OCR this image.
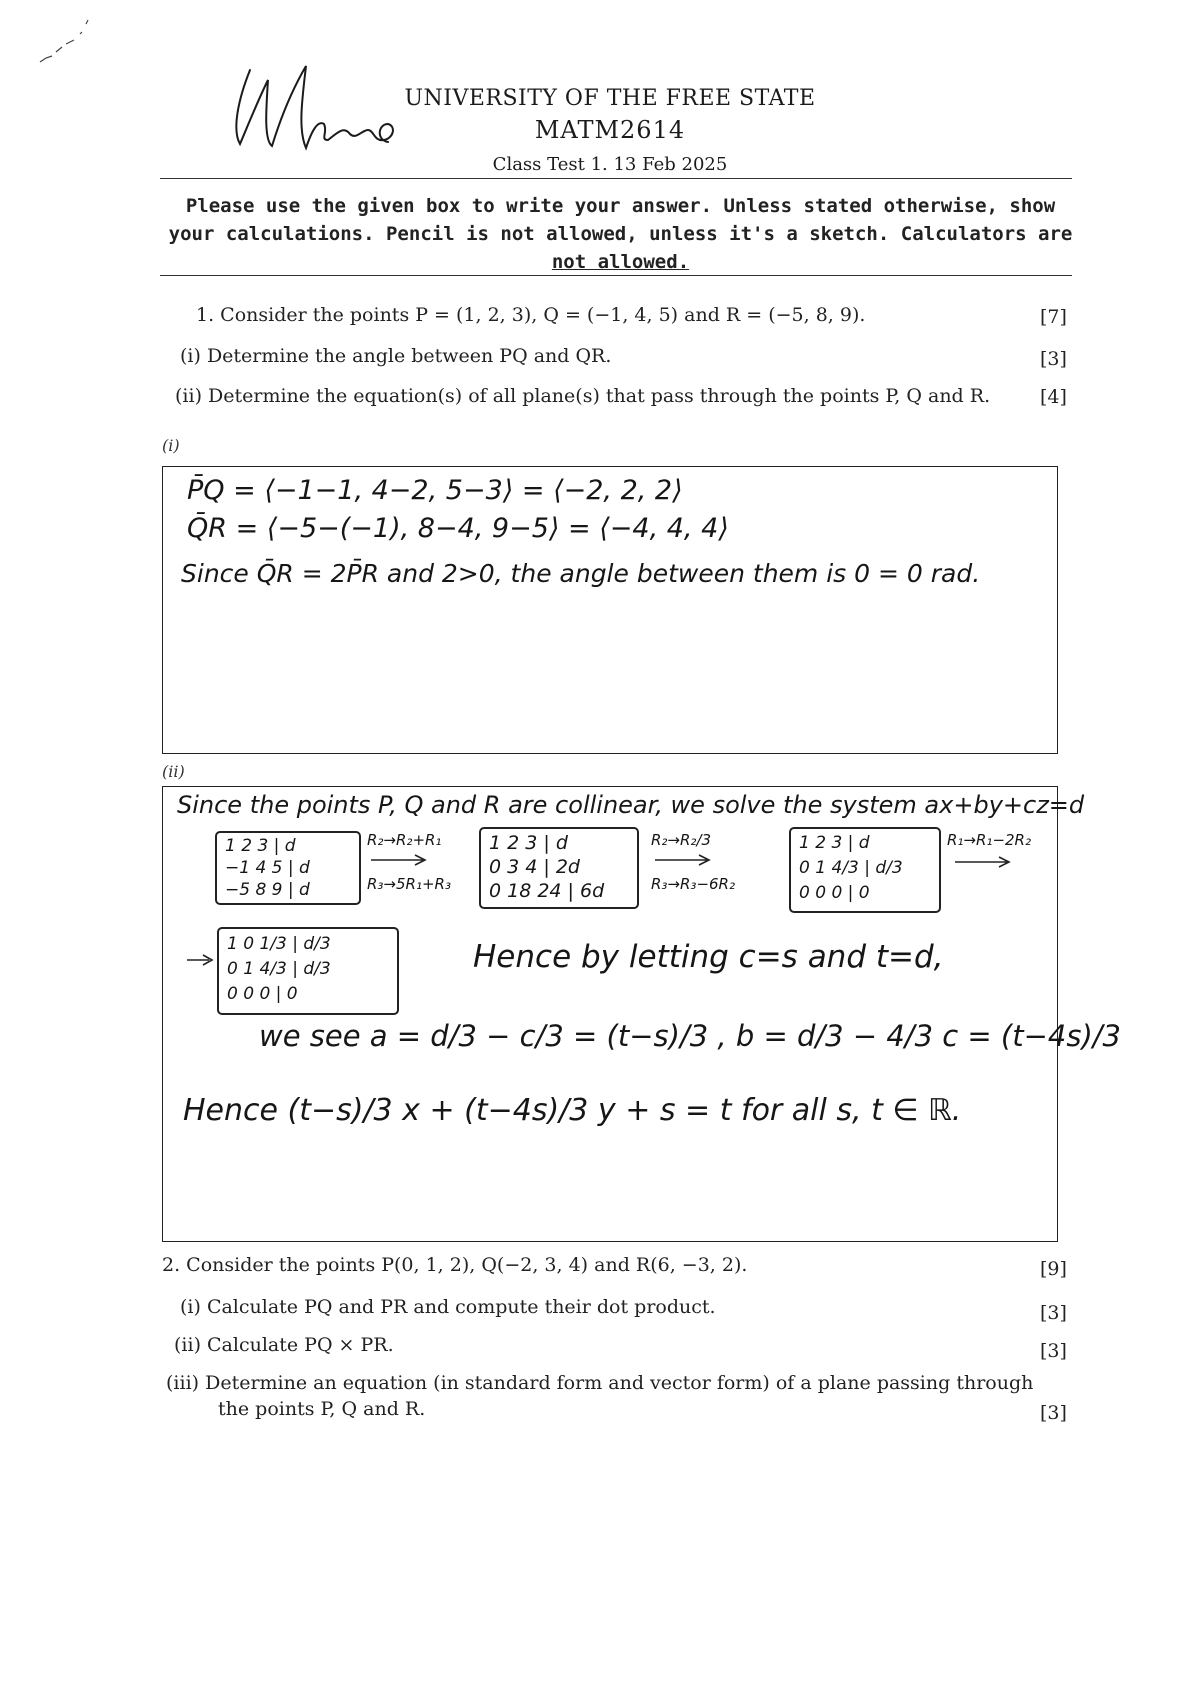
UNIVERSITY OF THE FREE STATE
MATM2614
Class Test 1. 13 Feb 2025
Please use the given box to write your answer. Unless stated otherwise, show
your calculations. Pencil is not allowed, unless it's a sketch. Calculators are
not allowed.
1. Consider the points P = (1, 2, 3), Q = (−1, 4, 5) and R = (−5, 8, 9).	[7]
(i) Determine the angle between PQ and QR.	[3]
(ii) Determine the equation(s) of all plane(s) that pass through the points P, Q and R.	[4]
(i)
P̄Q = ⟨−1−1, 4−2, 5−3⟩ = ⟨−2, 2, 2⟩
Q̄R = ⟨−5−(−1), 8−4, 9−5⟩ = ⟨−4, 4, 4⟩
Since Q̄R = 2P̄R and 2>0, the angle between them is 0 = 0 rad.
(ii)
Since the points P, Q and R are collinear, we solve the system ax+by+cz=d
1 2 3 | d
−1 4 5 | d
−5 8 9 | d
R₂→R₂+R₁
R₃→5R₁+R₃
1 2 3 | d
0 3 4 | 2d
0 18 24 | 6d
R₂→R₂/3
R₃→R₃−6R₂
1 2 3 | d
0 1 4/3 | d/3
0 0 0 | 0
R₁→R₁−2R₂
1 0 1/3 | d/3
0 1 4/3 | d/3
0 0 0 | 0
Hence by letting c=s and t=d,
we see a = d/3 − c/3 = (t−s)/3 , b = d/3 − 4/3 c = (t−4s)/3
Hence (t−s)/3 x + (t−4s)/3 y + s = t for all s, t ∈ ℝ.
2. Consider the points P(0, 1, 2), Q(−2, 3, 4) and R(6, −3, 2).	[9]
(i) Calculate PQ and PR and compute their dot product.	[3]
(ii) Calculate PQ × PR.	[3]
(iii) Determine an equation (in standard form and vector form) of a plane passing through
the points P, Q and R.	[3]
